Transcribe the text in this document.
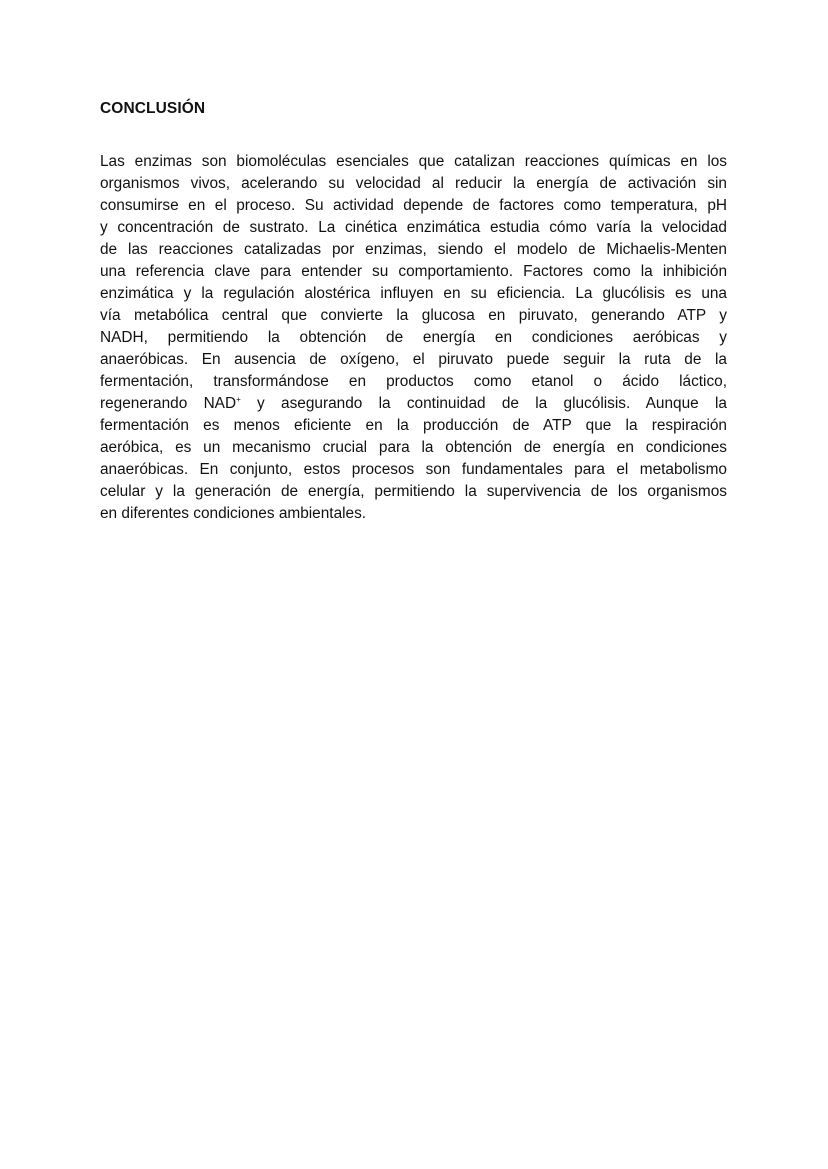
CONCLUSIÓN
Las enzimas son biomoléculas esenciales que catalizan reacciones químicas en los
organismos vivos, acelerando su velocidad al reducir la energía de activación sin
consumirse en el proceso. Su actividad depende de factores como temperatura, pH
y concentración de sustrato. La cinética enzimática estudia cómo varía la velocidad
de las reacciones catalizadas por enzimas, siendo el modelo de Michaelis-Menten
una referencia clave para entender su comportamiento. Factores como la inhibición
enzimática y la regulación alostérica influyen en su eficiencia. La glucólisis es una
vía metabólica central que convierte la glucosa en piruvato, generando ATP y
NADH, permitiendo la obtención de energía en condiciones aeróbicas y
anaeróbicas. En ausencia de oxígeno, el piruvato puede seguir la ruta de la
fermentación, transformándose en productos como etanol o ácido láctico,
regenerando NAD+ y asegurando la continuidad de la glucólisis. Aunque la
fermentación es menos eficiente en la producción de ATP que la respiración
aeróbica, es un mecanismo crucial para la obtención de energía en condiciones
anaeróbicas. En conjunto, estos procesos son fundamentales para el metabolismo
celular y la generación de energía, permitiendo la supervivencia de los organismos
en diferentes condiciones ambientales.
